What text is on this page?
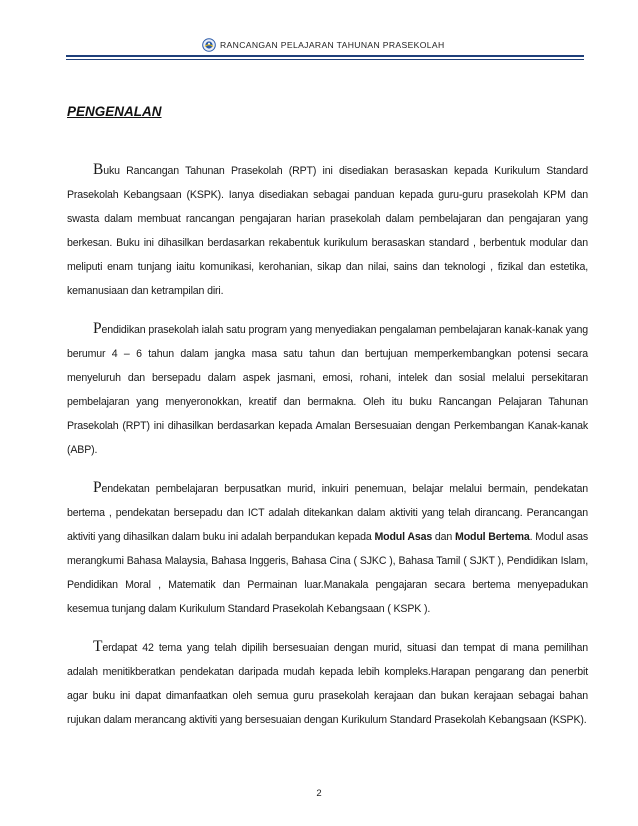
RANCANGAN PELAJARAN TAHUNAN PRASEKOLAH
PENGENALAN

Buku Rancangan Tahunan Prasekolah (RPT) ini disediakan berasaskan kepada Kurikulum Standard Prasekolah Kebangsaan (KSPK). Ianya disediakan sebagai panduan kepada guru-guru prasekolah KPM dan swasta dalam membuat rancangan pengajaran harian prasekolah dalam pembelajaran dan pengajaran yang berkesan. Buku ini dihasilkan berdasarkan rekabentuk kurikulum berasaskan standard , berbentuk modular dan meliputi enam tunjang iaitu komunikasi, kerohanian, sikap dan nilai, sains dan teknologi , fizikal dan estetika, kemanusiaan dan ketrampilan diri.

Pendidikan prasekolah ialah satu program yang menyediakan pengalaman pembelajaran kanak-kanak yang berumur 4 – 6 tahun dalam jangka masa satu tahun dan bertujuan memperkembangkan potensi secara menyeluruh dan bersepadu dalam aspek jasmani, emosi, rohani, intelek dan sosial melalui persekitaran pembelajaran yang menyeronokkan, kreatif dan bermakna. Oleh itu buku Rancangan Pelajaran Tahunan Prasekolah (RPT) ini dihasilkan berdasarkan kepada Amalan Bersesuaian dengan Perkembangan Kanak-kanak (ABP).

Pendekatan pembelajaran berpusatkan murid, inkuiri penemuan, belajar melalui bermain, pendekatan bertema , pendekatan bersepadu dan ICT adalah ditekankan dalam aktiviti yang telah dirancang. Perancangan aktiviti yang dihasilkan dalam buku ini adalah berpandukan kepada Modul Asas dan Modul Bertema. Modul asas merangkumi Bahasa Malaysia, Bahasa Inggeris, Bahasa Cina ( SJKC ), Bahasa Tamil ( SJKT ), Pendidikan Islam, Pendidikan Moral , Matematik dan Permainan luar.Manakala pengajaran secara bertema menyepadukan kesemua tunjang dalam Kurikulum Standard Prasekolah Kebangsaan ( KSPK ).

Terdapat 42 tema yang telah dipilih bersesuaian dengan murid, situasi dan tempat di mana pemilihan adalah menitikberatkan pendekatan daripada mudah kepada lebih kompleks.Harapan pengarang dan penerbit agar buku ini dapat dimanfaatkan oleh semua guru prasekolah kerajaan dan bukan kerajaan sebagai bahan rujukan dalam merancang aktiviti yang bersesuaian dengan Kurikulum Standard Prasekolah Kebangsaan (KSPK).

2
